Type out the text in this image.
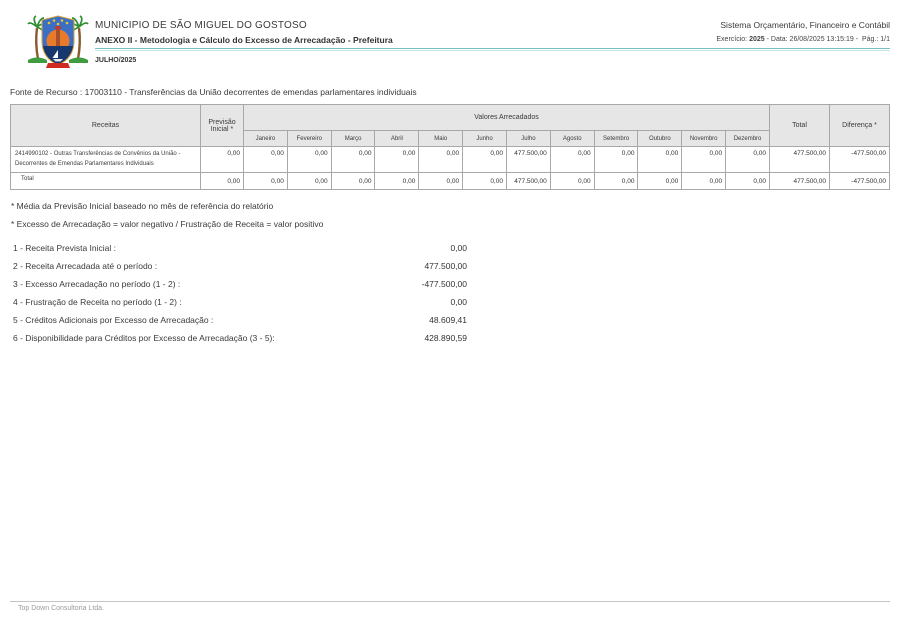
MUNICIPIO DE SÃO MIGUEL DO GOSTOSO
ANEXO II - Metodologia e Cálculo do Excesso de Arrecadação - Prefeitura
Sistema Orçamentário, Financeiro e Contábil
Exercício: 2025 - Data: 26/08/2025 13:15:19 - Pág.: 1/1
JULHO/2025
Fonte de Recurso : 17003110 - Transferências da União decorrentes de emendas parlamentares individuais
Receitas	Previsão Inicial *	Valores Arrecadados												Total	Diferença *
		Janeiro	Fevereiro	Março	Abril	Maio	Junho	Julho	Agosto	Setembro	Outubro	Novembro	Dezembro		
2414990102 - Outras Transferências de Convênios da União - Decorrentes de Emendas Parlamentares Individuais	0,00	0,00	0,00	0,00	0,00	0,00	0,00	477.500,00	0,00	0,00	0,00	0,00	0,00	477.500,00	-477.500,00
Total	0,00	0,00	0,00	0,00	0,00	0,00	0,00	477.500,00	0,00	0,00	0,00	0,00	0,00	477.500,00	-477.500,00

* Média da Previsão Inicial baseado no mês de referência do relatório

* Excesso de Arrecadação = valor negativo / Frustração de Receita = valor positivo

1 - Receita Prevista Inicial :	0,00
2 - Receita Arrecadada até o período :	477.500,00
3 - Excesso Arrecadação no período (1 - 2) :	-477.500,00
4 - Frustração de Receita no período (1 - 2) :	0,00
5 - Créditos Adicionais por Excesso de Arrecadação :	48.609,41
6 - Disponibilidade para Créditos por Excesso de Arrecadação (3 - 5):	428.890,59
Top Down Consultoria Ltda.
